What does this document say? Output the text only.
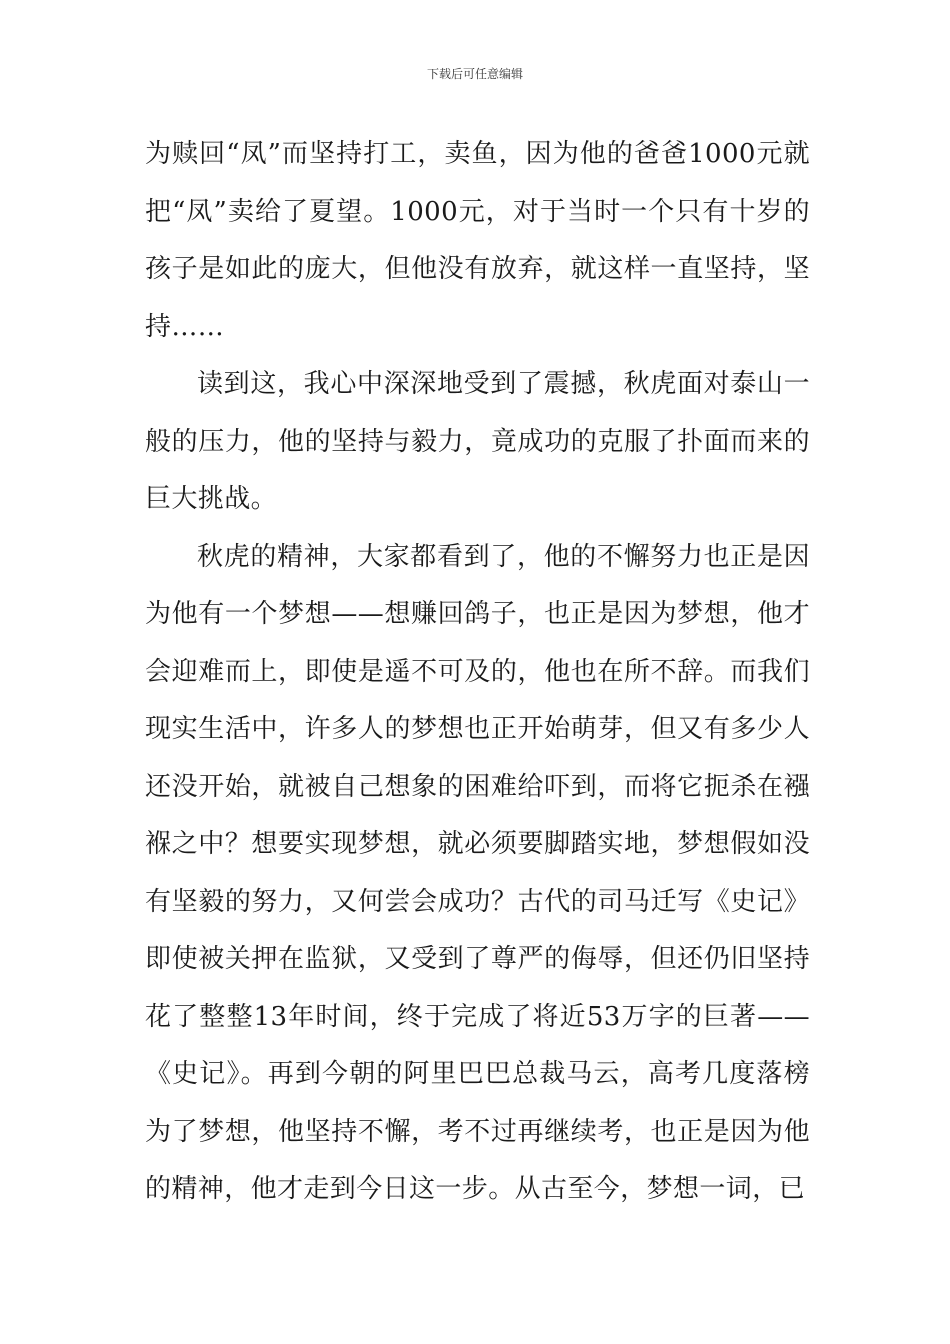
下载后可任意编辑

为赎回“凤”而坚持打工，卖鱼，因为他的爸爸1000元就把“凤”卖给了夏望。1000元，对于当时一个只有十岁的孩子是如此的庞大，但他没有放弃，就这样一直坚持，坚持……

读到这，我心中深深地受到了震撼，秋虎面对泰山一般的压力，他的坚持与毅力，竟成功的克服了扑面而来的巨大挑战。

秋虎的精神，大家都看到了，他的不懈努力也正是因为他有一个梦想——想赚回鸽子，也正是因为梦想，他才会迎难而上，即使是遥不可及的，他也在所不辞。而我们现实生活中，许多人的梦想也正开始萌芽，但又有多少人还没开始，就被自己想象的困难给吓到，而将它扼杀在襁褓之中？想要实现梦想，就必须要脚踏实地，梦想假如没有坚毅的努力，又何尝会成功？古代的司马迁写《史记》即使被关押在监狱，又受到了尊严的侮辱，但还仍旧坚持花了整整13年时间，终于完成了将近53万字的巨著——《史记》。再到今朝的阿里巴巴总裁马云，高考几度落榜为了梦想，他坚持不懈，考不过再继续考，也正是因为他的精神，他才走到今日这一步。从古至今，梦想一词，已
